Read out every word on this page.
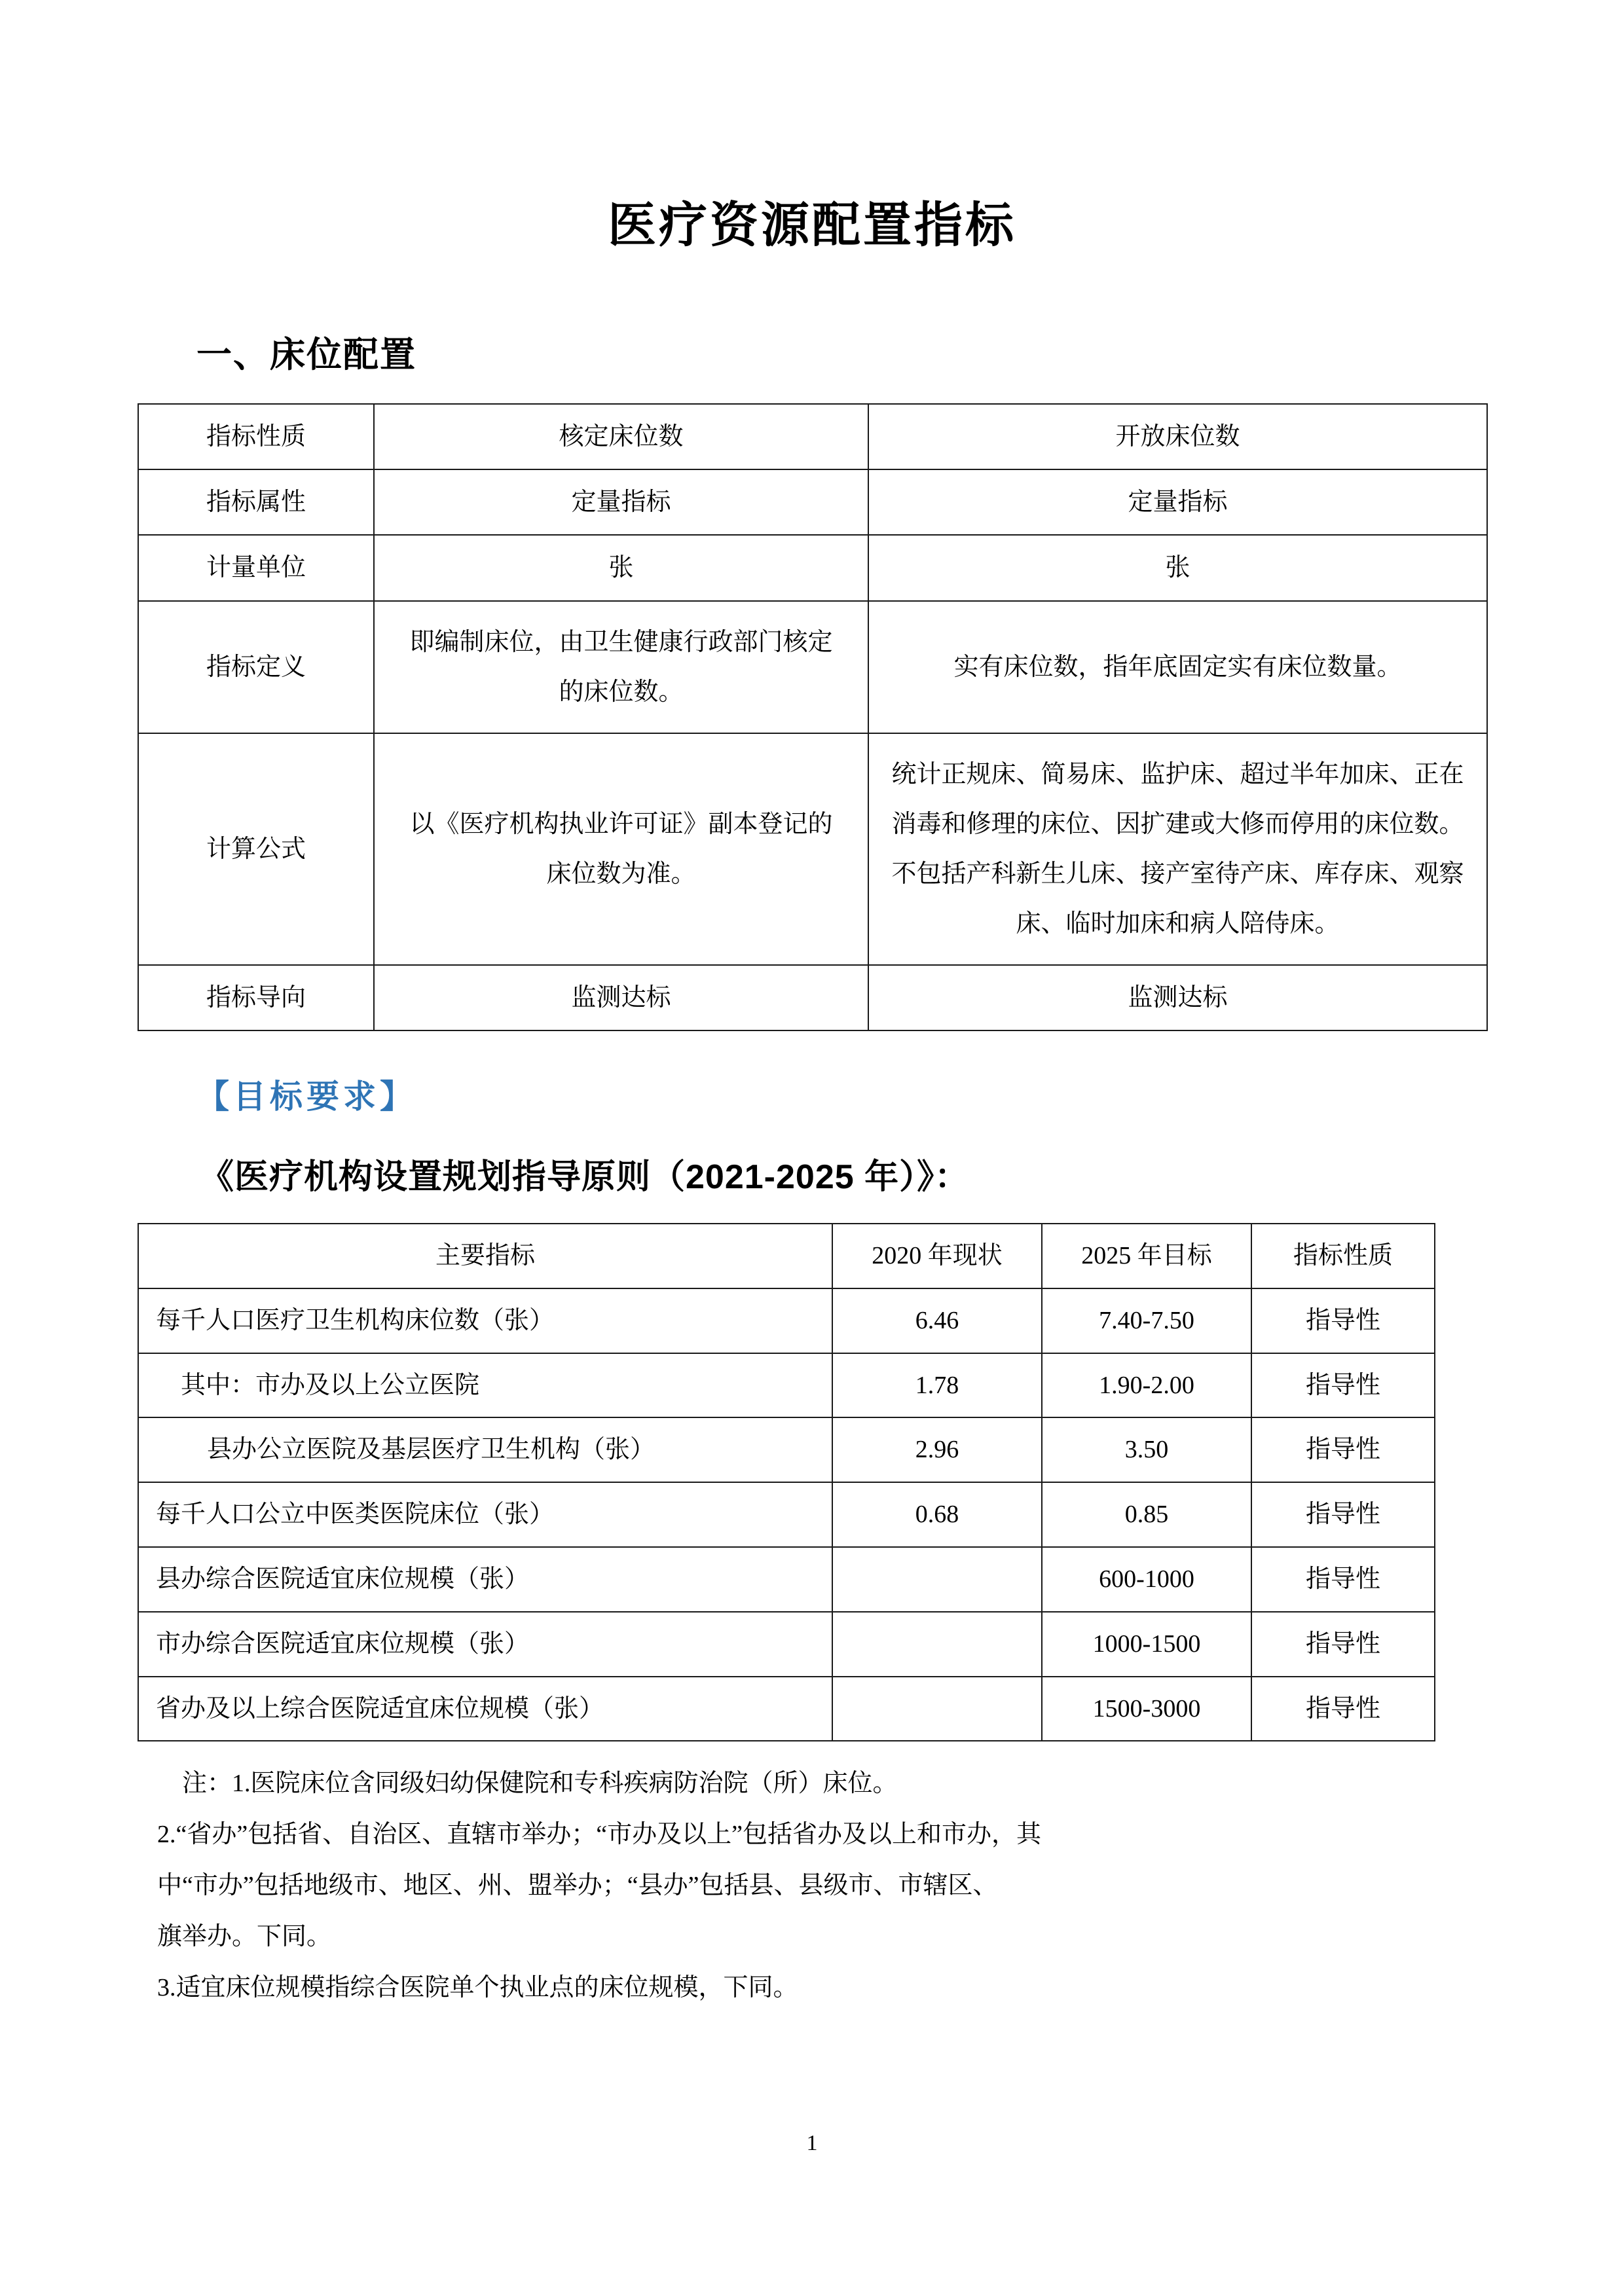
医疗资源配置指标
一、床位配置
指标性质	核定床位数	开放床位数
指标属性	定量指标	定量指标
计量单位	张	张
指标定义	即编制床位，由卫生健康行政部门核定的床位数。	实有床位数，指年底固定实有床位数量。
计算公式	以《医疗机构执业许可证》副本登记的床位数为准。	统计正规床、简易床、监护床、超过半年加床、正在消毒和修理的床位、因扩建或大修而停用的床位数。不包括产科新生儿床、接产室待产床、库存床、观察床、临时加床和病人陪侍床。
指标导向	监测达标	监测达标
【目标要求】
《医疗机构设置规划指导原则（2021-2025 年）》：
主要指标	2020 年现状	2025 年目标	指标性质
每千人口医疗卫生机构床位数（张）	6.46	7.40-7.50	指导性
其中：市办及以上公立医院	1.78	1.90-2.00	指导性
县办公立医院及基层医疗卫生机构（张）	2.96	3.50	指导性
每千人口公立中医类医院床位（张）	0.68	0.85	指导性
县办综合医院适宜床位规模（张）		600-1000	指导性
市办综合医院适宜床位规模（张）		1000-1500	指导性
省办及以上综合医院适宜床位规模（张）		1500-3000	指导性
　注：1.医院床位含同级妇幼保健院和专科疾病防治院（所）床位。
2.“省办”包括省、自治区、直辖市举办；“市办及以上”包括省办及以上和市办，其
中“市办”包括地级市、地区、州、盟举办；“县办”包括县、县级市、市辖区、
旗举办。下同。
3.适宜床位规模指综合医院单个执业点的床位规模，下同。
1
